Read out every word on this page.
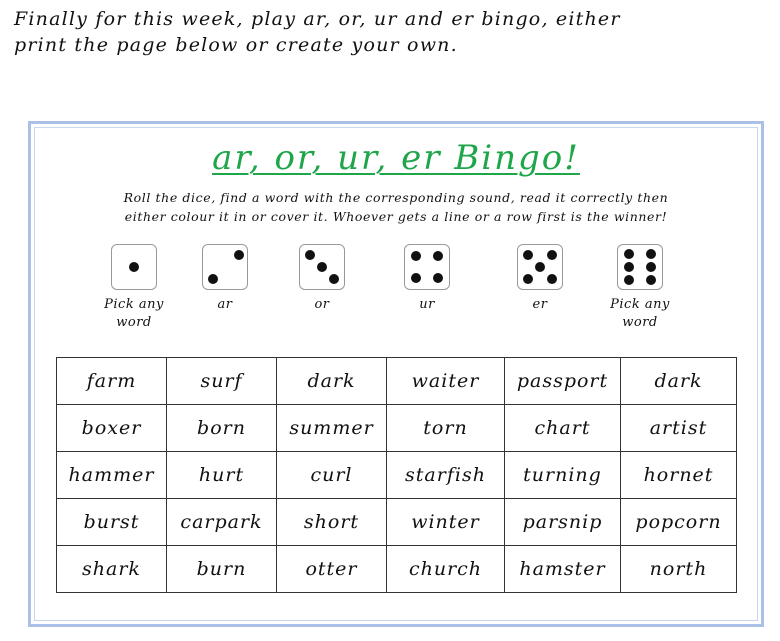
Finally for this week, play ar, or, ur and er bingo, either
print the page below or create your own.
ar, or, ur, er Bingo!
Roll the dice, find a word with the corresponding sound, read it correctly then
either colour it in or cover it. Whoever gets a line or a row first is the winner!
Pick any
word
ar	or	ur	er	Pick any
word
farm	surf	dark	waiter	passport	dark
boxer	born	summer	torn	chart	artist
hammer	hurt	curl	starfish	turning	hornet
burst	carpark	short	winter	parsnip	popcorn
shark	burn	otter	church	hamster	north
